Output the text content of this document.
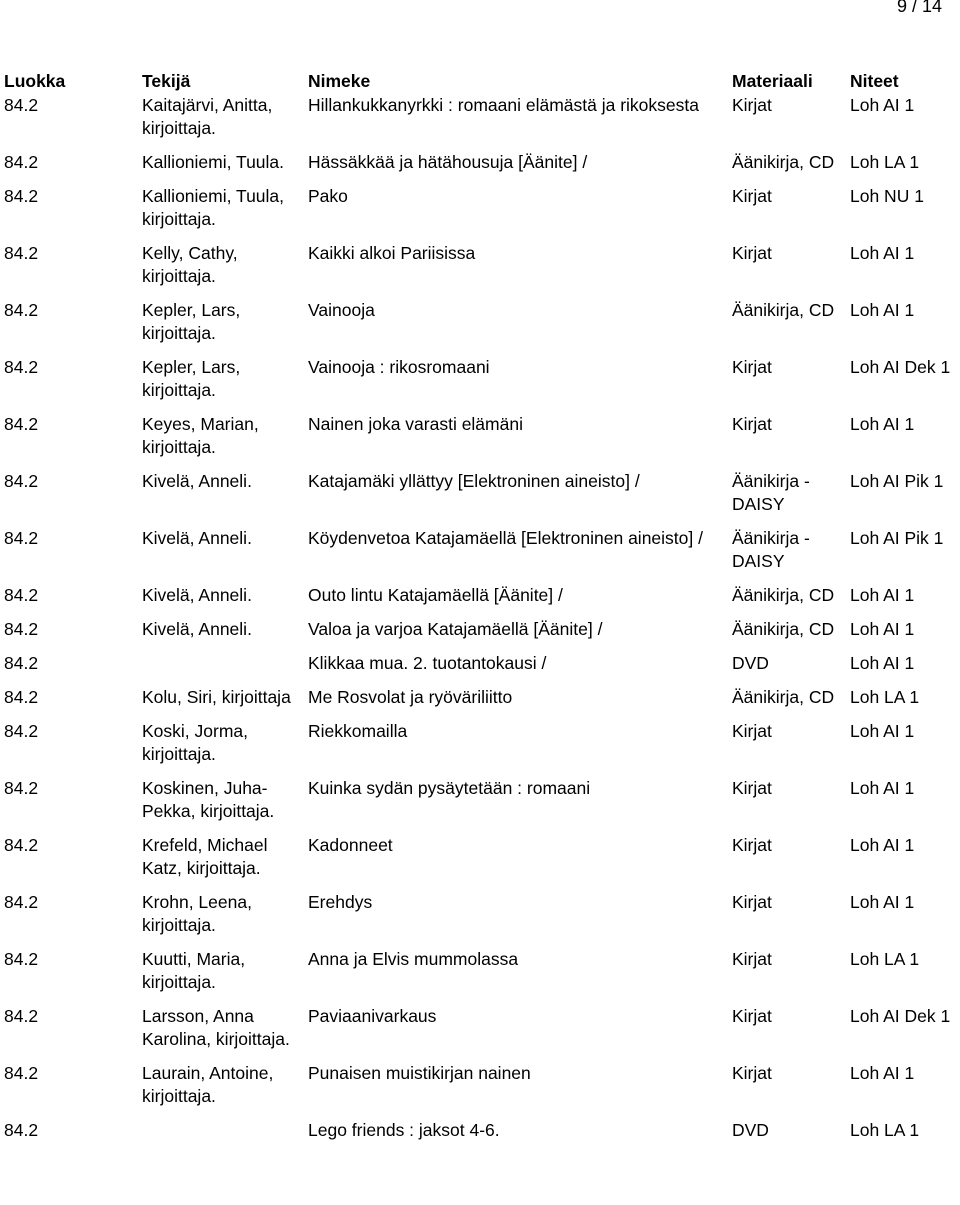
9 / 14
Luokka	Tekijä	Nimeke	Materiaali	Niteet
84.2	Kaitajärvi, Anitta, kirjoittaja.	Hillankukkanyrkki : romaani elämästä ja rikoksesta	Kirjat	Loh AI 1
84.2	Kallioniemi, Tuula.	Hässäkkää ja hätähousuja [Äänite] /	Äänikirja, CD	Loh LA 1
84.2	Kallioniemi, Tuula, kirjoittaja.	Pako	Kirjat	Loh NU 1
84.2	Kelly, Cathy, kirjoittaja.	Kaikki alkoi Pariisissa	Kirjat	Loh AI 1
84.2	Kepler, Lars, kirjoittaja.	Vainooja	Äänikirja, CD	Loh AI 1
84.2	Kepler, Lars, kirjoittaja.	Vainooja : rikosromaani	Kirjat	Loh AI Dek 1
84.2	Keyes, Marian, kirjoittaja.	Nainen joka varasti elämäni	Kirjat	Loh AI 1
84.2	Kivelä, Anneli.	Katajamäki yllättyy [Elektroninen aineisto] /	Äänikirja - DAISY	Loh AI Pik 1
84.2	Kivelä, Anneli.	Köydenvetoa Katajamäellä [Elektroninen aineisto] /	Äänikirja - DAISY	Loh AI Pik 1
84.2	Kivelä, Anneli.	Outo lintu Katajamäellä [Äänite] /	Äänikirja, CD	Loh AI 1
84.2	Kivelä, Anneli.	Valoa ja varjoa Katajamäellä [Äänite] /	Äänikirja, CD	Loh AI 1
84.2		Klikkaa mua. 2. tuotantokausi /	DVD	Loh AI 1
84.2	Kolu, Siri, kirjoittaja	Me Rosvolat ja ryöväriliitto	Äänikirja, CD	Loh LA 1
84.2	Koski, Jorma, kirjoittaja.	Riekkomailla	Kirjat	Loh AI 1
84.2	Koskinen, Juha-Pekka, kirjoittaja.	Kuinka sydän pysäytetään : romaani	Kirjat	Loh AI 1
84.2	Krefeld, Michael Katz, kirjoittaja.	Kadonneet	Kirjat	Loh AI 1
84.2	Krohn, Leena, kirjoittaja.	Erehdys	Kirjat	Loh AI 1
84.2	Kuutti, Maria, kirjoittaja.	Anna ja Elvis mummolassa	Kirjat	Loh LA 1
84.2	Larsson, Anna Karolina, kirjoittaja.	Paviaanivarkaus	Kirjat	Loh AI Dek 1
84.2	Laurain, Antoine, kirjoittaja.	Punaisen muistikirjan nainen	Kirjat	Loh AI 1
84.2		Lego friends : jaksot 4-6.	DVD	Loh LA 1
